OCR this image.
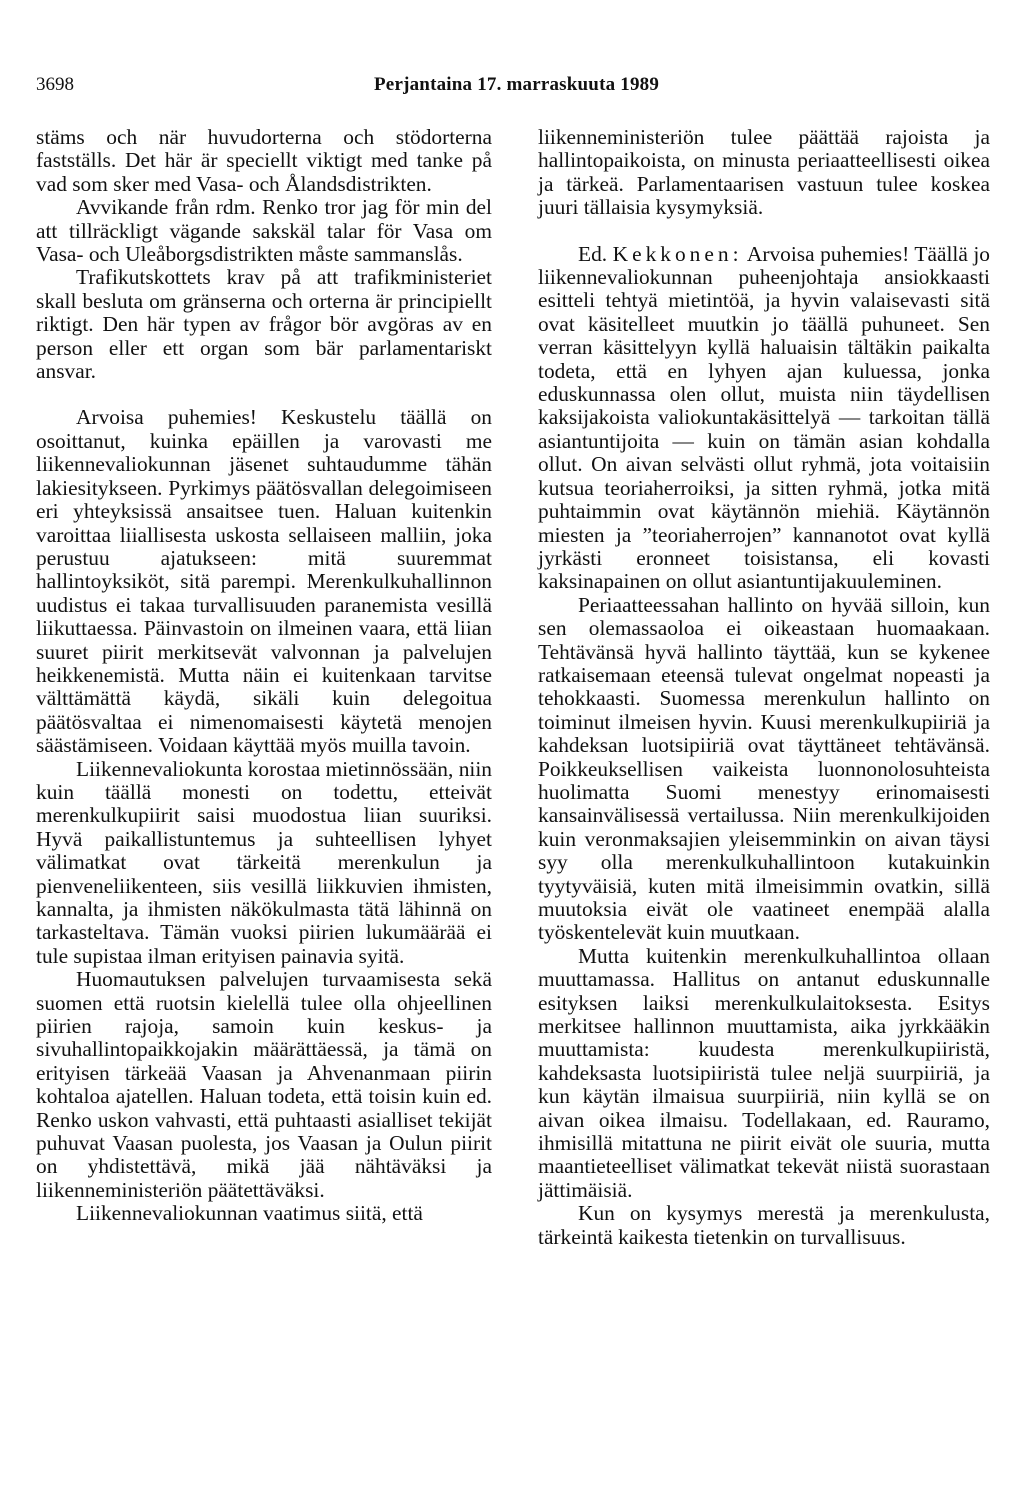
3698	Perjantaina 17. marraskuuta 1989

stäms och när huvudorterna och stödorterna fastställs. Det här är speciellt viktigt med tanke på vad som sker med Vasa- och Ålandsdistrikten.

Avvikande från rdm. Renko tror jag för min del att tillräckligt vägande sakskäl talar för Vasa om Vasa- och Uleåborgsdistrikten måste sammanslås.

Trafikutskottets krav på att trafikministeriet skall besluta om gränserna och orterna är principiellt riktigt. Den här typen av frågor bör avgöras av en person eller ett organ som bär parlamentariskt ansvar.

Arvoisa puhemies! Keskustelu täällä on osoittanut, kuinka epäillen ja varovasti me liikennevaliokunnan jäsenet suhtaudumme tähän lakiesitykseen. Pyrkimys päätösvallan delegoimiseen eri yhteyksissä ansaitsee tuen. Haluan kuitenkin varoittaa liiallisesta uskosta sellaiseen malliin, joka perustuu ajatukseen: mitä suuremmat hallintoyksiköt, sitä parempi. Merenkulkuhallinnon uudistus ei takaa turvallisuuden paranemista vesillä liikuttaessa. Päinvastoin on ilmeinen vaara, että liian suuret piirit merkitsevät valvonnan ja palvelujen heikkenemistä. Mutta näin ei kuitenkaan tarvitse välttämättä käydä, sikäli kuin delegoitua päätösvaltaa ei nimenomaisesti käytetä menojen säästämiseen. Voidaan käyttää myös muilla tavoin.

Liikennevaliokunta korostaa mietinnössään, niin kuin täällä monesti on todettu, etteivät merenkulkupiirit saisi muodostua liian suuriksi. Hyvä paikallistuntemus ja suhteellisen lyhyet välimatkat ovat tärkeitä merenkulun ja pienveneliikenteen, siis vesillä liikkuvien ihmisten, kannalta, ja ihmisten näkökulmasta tätä lähinnä on tarkasteltava. Tämän vuoksi piirien lukumäärää ei tule supistaa ilman erityisen painavia syitä.

Huomautuksen palvelujen turvaamisesta sekä suomen että ruotsin kielellä tulee olla ohjeellinen piirien rajoja, samoin kuin keskus- ja sivuhallintopaikkojakin määrättäessä, ja tämä on erityisen tärkeää Vaasan ja Ahvenanmaan piirin kohtaloa ajatellen. Haluan todeta, että toisin kuin ed. Renko uskon vahvasti, että puhtaasti asialliset tekijät puhuvat Vaasan puolesta, jos Vaasan ja Oulun piirit on yhdistettävä, mikä jää nähtäväksi ja liikenneministeriön päätettäväksi.

Liikennevaliokunnan vaatimus siitä, että

liikenneministeriön tulee päättää rajoista ja hallintopaikoista, on minusta periaatteellisesti oikea ja tärkeä. Parlamentaarisen vastuun tulee koskea juuri tällaisia kysymyksiä.

Ed. Kekkonen: Arvoisa puhemies! Täällä jo liikennevaliokunnan puheenjohtaja ansiokkaasti esitteli tehtyä mietintöä, ja hyvin valaisevasti sitä ovat käsitelleet muutkin jo täällä puhuneet. Sen verran käsittelyyn kyllä haluaisin tältäkin paikalta todeta, että en lyhyen ajan kuluessa, jonka eduskunnassa olen ollut, muista niin täydellisen kaksijakoista valiokuntakäsittelyä — tarkoitan tällä asiantuntijoita — kuin on tämän asian kohdalla ollut. On aivan selvästi ollut ryhmä, jota voitaisiin kutsua teoriaherroiksi, ja sitten ryhmä, jotka mitä puhtaimmin ovat käytännön miehiä. Käytännön miesten ja ”teoriaherrojen” kannanotot ovat kyllä jyrkästi eronneet toisistansa, eli kovasti kaksinapainen on ollut asiantuntijakuuleminen.

Periaatteessahan hallinto on hyvää silloin, kun sen olemassaoloa ei oikeastaan huomaakaan. Tehtävänsä hyvä hallinto täyttää, kun se kykenee ratkaisemaan eteensä tulevat ongelmat nopeasti ja tehokkaasti. Suomessa merenkulun hallinto on toiminut ilmeisen hyvin. Kuusi merenkulkupiiriä ja kahdeksan luotsipiiriä ovat täyttäneet tehtävänsä. Poikkeuksellisen vaikeista luonnonolosuhteista huolimatta Suomi menestyy erinomaisesti kansainvälisessä vertailussa. Niin merenkulkijoiden kuin veronmaksajien yleisemminkin on aivan täysi syy olla merenkulkuhallintoon kutakuinkin tyytyväisiä, kuten mitä ilmeisimmin ovatkin, sillä muutoksia eivät ole vaatineet enempää alalla työskentelevät kuin muutkaan.

Mutta kuitenkin merenkulkuhallintoa ollaan muuttamassa. Hallitus on antanut eduskunnalle esityksen laiksi merenkulkulaitoksesta. Esitys merkitsee hallinnon muuttamista, aika jyrkkääkin muuttamista: kuudesta merenkulkupiiristä, kahdeksasta luotsipiiristä tulee neljä suurpiiriä, ja kun käytän ilmaisua suurpiiriä, niin kyllä se on aivan oikea ilmaisu. Todellakaan, ed. Rauramo, ihmisillä mitattuna ne piirit eivät ole suuria, mutta maantieteelliset välimatkat tekevät niistä suorastaan jättimäisiä.

Kun on kysymys merestä ja merenkulusta, tärkeintä kaikesta tietenkin on turvallisuus.
